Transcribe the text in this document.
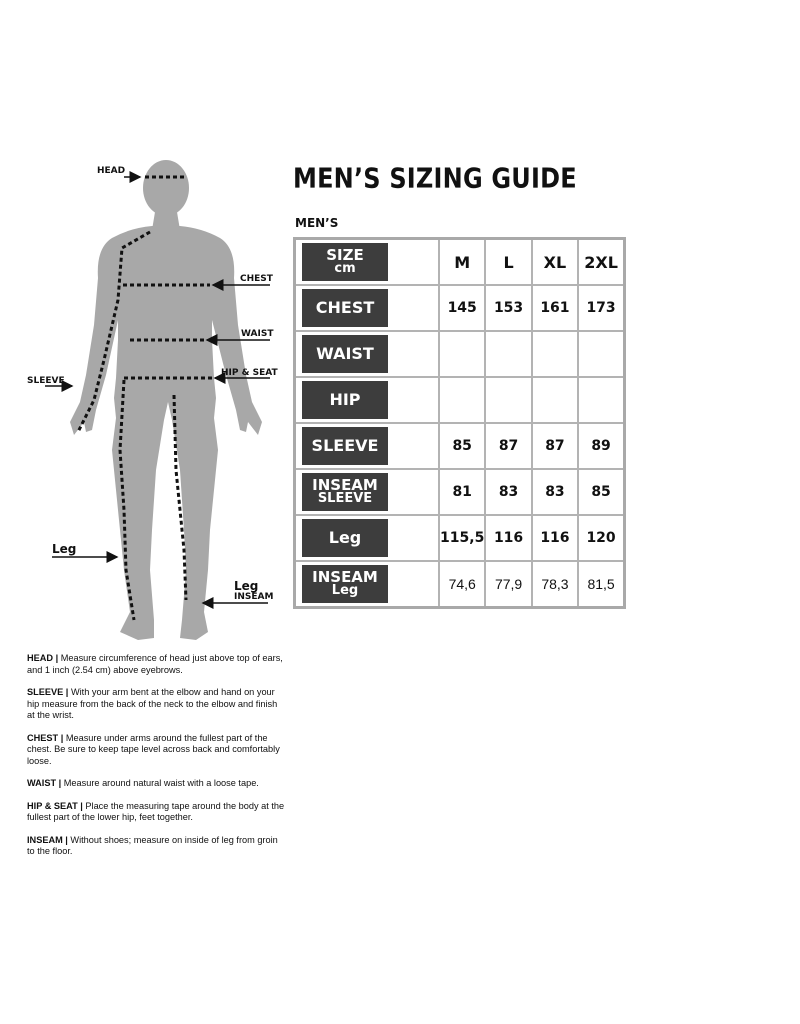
HEAD
CHEST
WAIST
HIP & SEAT
SLEEVE
Leg
Leg
INSEAM
MEN’S SIZING GUIDE
MEN’S
SIZE
cm	M	L	XL	2XL

CHEST	145	153	161	173

WAIST				

HIP				

SLEEVE	85	87	87	89

INSEAM
SLEEVE	81	83	83	85

Leg	115,5	116	116	120

INSEAM
Leg	74,6	77,9	78,3	81,5

HEAD | Measure circumference of head just above top of ears, and 1 inch (2.54 cm) above eyebrows.

SLEEVE | With your arm bent at the elbow and hand on your hip measure from the back of the neck to the elbow and finish at the wrist.

CHEST | Measure under arms around the fullest part of the chest. Be sure to keep tape level across back and comfortably loose.

WAIST | Measure around natural waist with a loose tape.

HIP & SEAT | Place the measuring tape around the body at the fullest part of the lower hip, feet together.

INSEAM | Without shoes; measure on inside of leg from groin to the floor.
